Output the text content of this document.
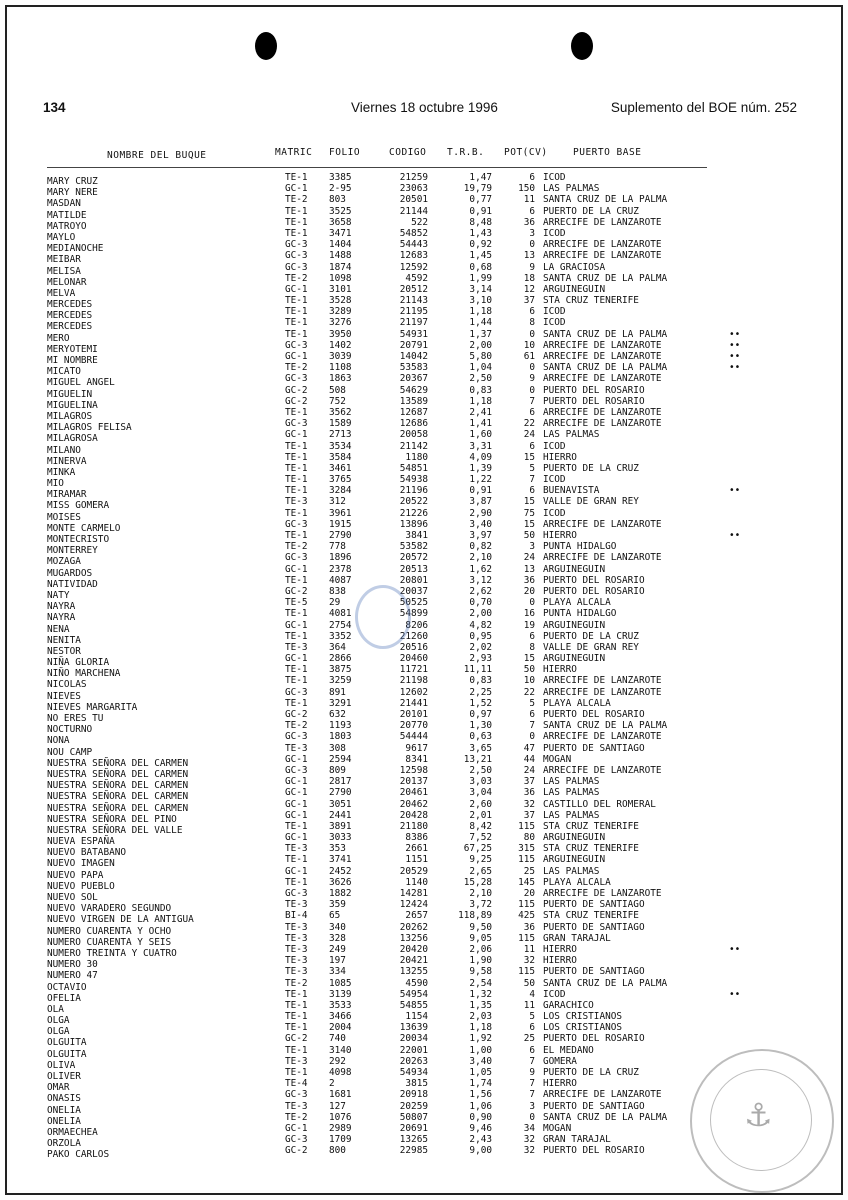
134	Viernes 18 octubre 1996	Suplemento del BOE núm. 252
NOMBRE DEL BUQUE	MATRIC FOLIO	CODIGO T.R.B. POT(CV)	PUERTO BASE
MARY CRUZ	TE-1 3385	21259	1,47	6 ICOD
MARY NERE	GC-1 2-95	23063	19,79	150 LAS PALMAS
MASDAN	TE-2 803	20501	0,77	11 SANTA CRUZ DE LA PALMA
MATILDE	TE-1 3525	21144	0,91	6 PUERTO DE LA CRUZ
MATROYO	TE-1 3658	522	8,48	36 ARRECIFE DE LANZAROTE
MAYLO	TE-1 3471	54852	1,43	3 ICOD
MEDIANOCHE	GC-3 1404	54443	0,92	0 ARRECIFE DE LANZAROTE
MEIBAR	GC-3 1488	12683	1,45	13 ARRECIFE DE LANZAROTE
MELISA	GC-3 1874	12592	0,68	9 LA GRACIOSA
MELONAR	TE-2 1098	4592	1,99	18 SANTA CRUZ DE LA PALMA
MELVA	GC-1 3101	20512	3,14	12 ARGUINEGUIN
MERCEDES	TE-1 3528	21143	3,10	37 STA CRUZ TENERIFE
MERCEDES	TE-1 3289	21195	1,18	6 ICOD
MERCEDES	TE-1 3276	21197	1,44	8 ICOD
MERO	TE-1 3950	54931	1,37	0 SANTA CRUZ DE LA PALMA	••
MERYOTEMI	GC-3 1402	20791	2,00	10 ARRECIFE DE LANZAROTE	••
MI NOMBRE	GC-1 3039	14042	5,80	61 ARRECIFE DE LANZAROTE	••
MICATO	TE-2 1108	53583	1,04	0 SANTA CRUZ DE LA PALMA	••
MIGUEL ANGEL	GC-3 1863	20367	2,50	9 ARRECIFE DE LANZAROTE
MIGUELIN	GC-2 508	54629	0,83	0 PUERTO DEL ROSARIO
MIGUELINA	GC-2 752	13589	1,18	7 PUERTO DEL ROSARIO
MILAGROS	TE-1 3562	12687	2,41	6 ARRECIFE DE LANZAROTE
MILAGROS FELISA	GC-3 1589	12686	1,41	22 ARRECIFE DE LANZAROTE
MILAGROSA	GC-1 2713	20058	1,60	24 LAS PALMAS
MILANO	TE-1 3534	21142	3,31	6 ICOD
MINERVA	TE-1 3584	1180	4,09	15 HIERRO
MINKA	TE-1 3461	54851	1,39	5 PUERTO DE LA CRUZ
MIO	TE-1 3765	54938	1,22	7 ICOD
MIRAMAR	TE-1 3284	21196	0,91	6 BUENAVISTA	••
MISS GOMERA	TE-3 312	20522	3,87	15 VALLE DE GRAN REY
MOISES	TE-1 3961	21226	2,90	75 ICOD
MONTE CARMELO	GC-3 1915	13896	3,40	15 ARRECIFE DE LANZAROTE
MONTECRISTO	TE-1 2790	3841	3,97	50 HIERRO	••
MONTERREY	TE-2 778	53582	0,82	3 PUNTA HIDALGO
MOZAGA	GC-3 1896	20572	2,10	24 ARRECIFE DE LANZAROTE
MUGARDOS	GC-1 2378	20513	1,62	13 ARGUINEGUIN
NATIVIDAD	TE-1 4087	20801	3,12	36 PUERTO DEL ROSARIO
NATY	GC-2 838	20037	2,62	20 PUERTO DEL ROSARIO
NAYRA	TE-5 29	50525	0,70	0 PLAYA ALCALA
NAYRA	TE-1 4081	54899	2,00	16 PUNTA HIDALGO
NENA	GC-1 2754	8206	4,82	19 ARGUINEGUIN
NENITA	TE-1 3352	21260	0,95	6 PUERTO DE LA CRUZ
NESTOR	TE-3 364	20516	2,02	8 VALLE DE GRAN REY
NIÑA GLORIA	GC-1 2866	20460	2,93	15 ARGUINEGUIN
NIÑO MARCHENA	TE-1 3875	11721	11,11	50 HIERRO
NICOLAS	TE-1 3259	21198	0,83	10 ARRECIFE DE LANZAROTE
NIEVES	GC-3 891	12602	2,25	22 ARRECIFE DE LANZAROTE
NIEVES MARGARITA	TE-1 3291	21441	1,52	5 PLAYA ALCALA
NO ERES TU	GC-2 632	20101	0,97	6 PUERTO DEL ROSARIO
NOCTURNO	TE-2 1193	20770	1,30	7 SANTA CRUZ DE LA PALMA
NONA	GC-3 1803	54444	0,63	0 ARRECIFE DE LANZAROTE
NOU CAMP	TE-3 308	9617	3,65	47 PUERTO DE SANTIAGO
NUESTRA SEÑORA DEL CARMEN	GC-1 2594	8341	13,21	44 MOGAN
NUESTRA SEÑORA DEL CARMEN	GC-3 809	12598	2,50	24 ARRECIFE DE LANZAROTE
NUESTRA SEÑORA DEL CARMEN	GC-1 2817	20137	3,03	37 LAS PALMAS
NUESTRA SEÑORA DEL CARMEN	GC-1 2790	20461	3,04	36 LAS PALMAS
NUESTRA SEÑORA DEL CARMEN	GC-1 3051	20462	2,60	32 CASTILLO DEL ROMERAL
NUESTRA SEÑORA DEL PINO	GC-1 2441	20428	2,01	37 LAS PALMAS
NUESTRA SEÑORA DEL VALLE	TE-1 3891	21180	8,42	115 STA CRUZ TENERIFE
NUEVA ESPAÑA	GC-1 3033	8386	7,52	80 ARGUINEGUIN
NUEVO BATABANO	TE-3 353	2661	67,25	315 STA CRUZ TENERIFE
NUEVO IMAGEN	TE-1 3741	1151	9,25	115 ARGUINEGUIN
NUEVO PAPA	GC-1 2452	20529	2,65	25 LAS PALMAS
NUEVO PUEBLO	TE-1 3626	1140	15,28	145 PLAYA ALCALA
NUEVO SOL	GC-3 1882	14281	2,10	20 ARRECIFE DE LANZAROTE
NUEVO VARADERO SEGUNDO	TE-3 359	12424	3,72	115 PUERTO DE SANTIAGO
NUEVO VIRGEN DE LA ANTIGUA	BI-4 65	2657	118,89	425 STA CRUZ TENERIFE
NUMERO CUARENTA Y OCHO	TE-3 340	20262	9,50	36 PUERTO DE SANTIAGO
NUMERO CUARENTA Y SEIS	TE-3 328	13256	9,05	115 GRAN TARAJAL
NUMERO TREINTA Y CUATRO	TE-3 249	20420	2,06	11 HIERRO	••
NUMERO 30	TE-3 197	20421	1,90	32 HIERRO
NUMERO 47	TE-3 334	13255	9,58	115 PUERTO DE SANTIAGO
OCTAVIO	TE-2 1085	4590	2,54	50 SANTA CRUZ DE LA PALMA
OFELIA	TE-1 3139	54954	1,32	4 ICOD	••
OLA	TE-1 3533	54855	1,35	11 GARACHICO
OLGA	TE-1 3466	1154	2,03	5 LOS CRISTIANOS
OLGA	TE-1 2004	13639	1,18	6 LOS CRISTIANOS
OLGUITA	GC-2 740	20034	1,92	25 PUERTO DEL ROSARIO
OLGUITA	TE-1 3140	22001	1,00	6 EL MEDANO
OLIVA	TE-3 292	20263	3,40	7 GOMERA
OLIVER	TE-1 4098	54934	1,05	9 PUERTO DE LA CRUZ
OMAR	TE-4 2	3815	1,74	7 HIERRO
ONASIS	GC-3 1681	20918	1,56	7 ARRECIFE DE LANZAROTE
ONELIA	TE-3 127	20259	1,06	3 PUERTO DE SANTIAGO
ONELIA	TE-2 1076	50807	0,90	0 SANTA CRUZ DE LA PALMA
ORMAECHEA	GC-1 2989	20691	9,46	34 MOGAN
ORZOLA	GC-3 1709	13265	2,43	32 GRAN TARAJAL
PAKO CARLOS	GC-2 800	22985	9,00	32 PUERTO DEL ROSARIO
⚓
